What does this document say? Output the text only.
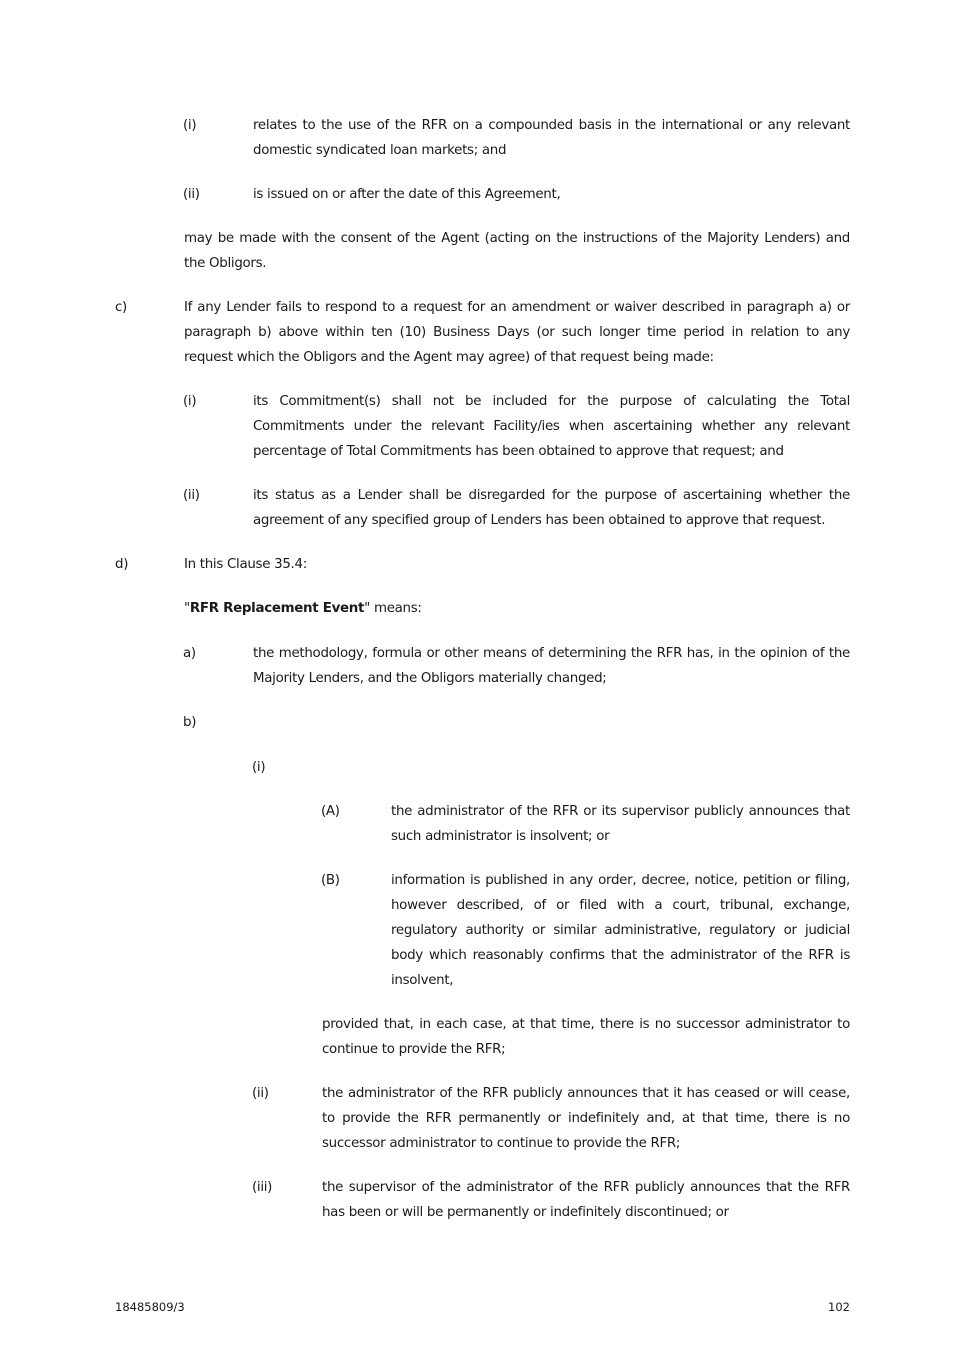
(i)	relates to the use of the RFR on a compounded basis in the international or any relevant domestic syndicated loan markets; and
(ii)	is issued on or after the date of this Agreement,
may be made with the consent of the Agent (acting on the instructions of the Majority Lenders) and the Obligors.
c)	If any Lender fails to respond to a request for an amendment or waiver described in paragraph a) or paragraph b) above within ten (10) Business Days (or such longer time period in relation to any request which the Obligors and the Agent may agree) of that request being made:
(i)	its Commitment(s) shall not be included for the purpose of calculating the Total Commitments under the relevant Facility/ies when ascertaining whether any relevant percentage of Total Commitments has been obtained to approve that request; and
(ii)	its status as a Lender shall be disregarded for the purpose of ascertaining whether the agreement of any specified group of Lenders has been obtained to approve that request.
d)	In this Clause 35.4:
"RFR Replacement Event" means:
a)	the methodology, formula or other means of determining the RFR has, in the opinion of the Majority Lenders, and the Obligors materially changed;
b)
(i)
(A)	the administrator of the RFR or its supervisor publicly announces that such administrator is insolvent; or
(B)	information is published in any order, decree, notice, petition or filing, however described, of or filed with a court, tribunal, exchange, regulatory authority or similar administrative, regulatory or judicial body which reasonably confirms that the administrator of the RFR is insolvent,
provided that, in each case, at that time, there is no successor administrator to continue to provide the RFR;
(ii)	the administrator of the RFR publicly announces that it has ceased or will cease, to provide the RFR permanently or indefinitely and, at that time, there is no successor administrator to continue to provide the RFR;
(iii)	the supervisor of the administrator of the RFR publicly announces that the RFR has been or will be permanently or indefinitely discontinued; or
18485809/3	102
